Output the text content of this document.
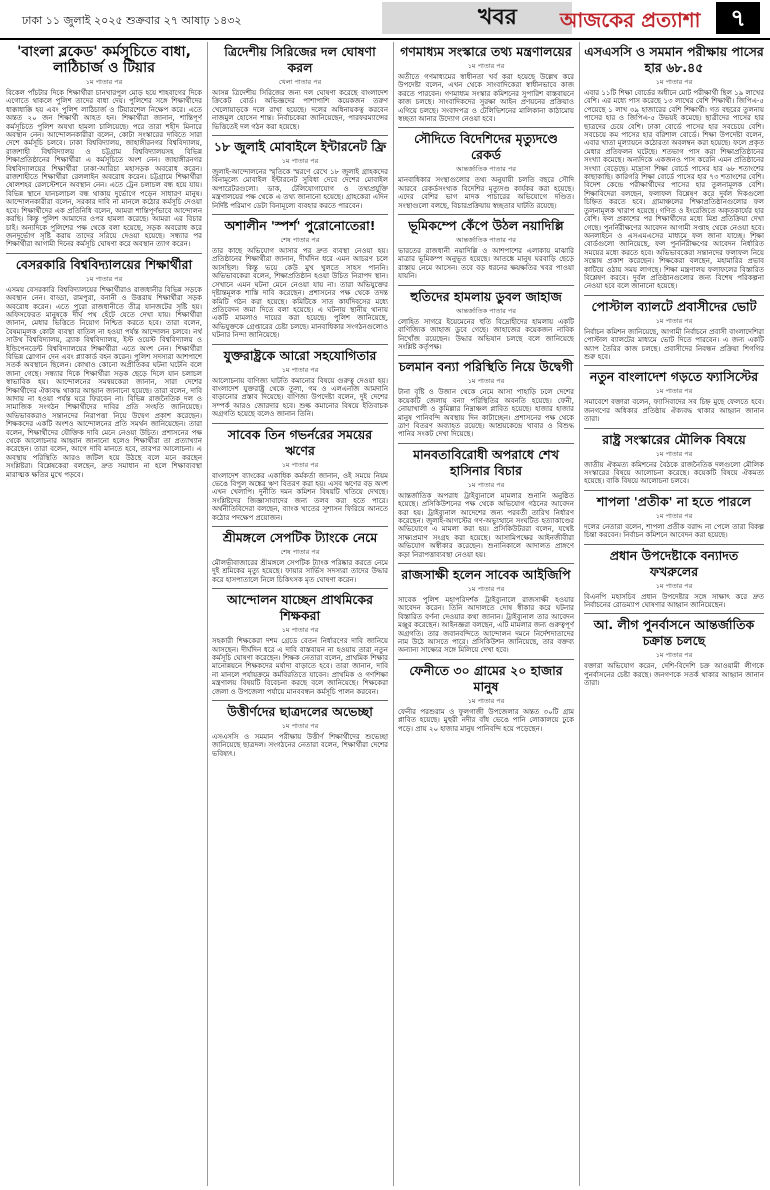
ঢাকা ১১ জুলাই ২০২৫ শুক্রবার ২৭ আষাঢ় ১৪৩২	খবর	আজকের প্রত্যাশা	৭
'বাংলা ব্লকেড' কর্মসূচিতে বাধা, লাঠিচার্জ ও টিয়ার
১ম পাতার পর

বিকেল পাঁচটার দিকে শিক্ষার্থীরা চানখারপুল মোড় হয়ে শাহবাগের দিকে এগোতে থাকলে পুলিশ তাদের বাধা দেয়। পুলিশের সঙ্গে শিক্ষার্থীদের ধাক্কাধাক্কি হয় এবং পুলিশ লাঠিচার্জ ও টিয়ারশেল নিক্ষেপ করে। এতে অন্তত ২০ জন শিক্ষার্থী আহত হন। শিক্ষার্থীরা জানান, শান্তিপূর্ণ কর্মসূচিতে পুলিশ অযথা হামলা চালিয়েছে। পরে তারা শহীদ মিনারে অবস্থান নেন। আন্দোলনকারীরা বলেন, কোটা সংস্কারের দাবিতে সারা দেশে কর্মসূচি চলবে। ঢাকা বিশ্ববিদ্যালয়, জাহাঙ্গীরনগর বিশ্ববিদ্যালয়, রাজশাহী বিশ্ববিদ্যালয় ও চট্টগ্রাম বিশ্ববিদ্যালয়সহ বিভিন্ন শিক্ষাপ্রতিষ্ঠানের শিক্ষার্থীরা এ কর্মসূচিতে অংশ নেন। জাহাঙ্গীরনগর বিশ্ববিদ্যালয়ের শিক্ষার্থীরা ঢাকা-আরিচা মহাসড়ক অবরোধ করেন। রাজশাহীতে শিক্ষার্থীরা রেললাইন অবরোধ করেন। চট্টগ্রামে শিক্ষার্থীরা ষোলশহর রেলস্টেশনে অবস্থান নেন। এতে ট্রেন চলাচল বন্ধ হয়ে যায়। বিভিন্ন স্থানে যানচলাচল বন্ধ থাকায় দুর্ভোগে পড়েন সাধারণ মানুষ। আন্দোলনকারীরা বলেন, সরকার দাবি না মানলে কঠোর কর্মসূচি দেওয়া হবে। শিক্ষার্থীদের এক প্রতিনিধি বলেন, আমরা শান্তিপূর্ণভাবে আন্দোলন করছি। কিন্তু পুলিশ আমাদের ওপর হামলা করেছে। আমরা এর বিচার চাই। অন্যদিকে পুলিশের পক্ষ থেকে বলা হয়েছে, সড়ক অবরোধ করে জনদুর্ভোগ সৃষ্টি করায় তাদের সরিয়ে দেওয়া হয়েছে। সন্ধ্যার পর শিক্ষার্থীরা আগামী দিনের কর্মসূচি ঘোষণা করে অবস্থান ত্যাগ করেন।

বেসরকারি বিশ্ববিদ্যালয়ের শিক্ষার্থীরা
১ম পাতার পর

এসময় বেসরকারি বিশ্ববিদ্যালয়ের শিক্ষার্থীরাও রাজধানীর বিভিন্ন সড়কে অবস্থান নেন। বাড্ডা, রামপুরা, বনানী ও উত্তরায় শিক্ষার্থীরা সড়ক অবরোধ করেন। এতে পুরো রাজধানীতে তীব্র যানজটের সৃষ্টি হয়। অফিসফেরত মানুষকে দীর্ঘ পথ হেঁটে যেতে দেখা যায়। শিক্ষার্থীরা জানান, মেধার ভিত্তিতে নিয়োগ নিশ্চিত করতে হবে। তারা বলেন, বৈষম্যমূলক কোটা ব্যবস্থা বাতিল না হওয়া পর্যন্ত আন্দোলন চলবে। নর্থ সাউথ বিশ্ববিদ্যালয়, ব্র্যাক বিশ্ববিদ্যালয়, ইস্ট ওয়েস্ট বিশ্ববিদ্যালয় ও ইন্ডিপেনডেন্ট বিশ্ববিদ্যালয়ের শিক্ষার্থীরা এতে অংশ নেন। শিক্ষার্থীরা বিভিন্ন স্লোগান দেন এবং প্ল্যাকার্ড বহন করেন। পুলিশ সদস্যরা আশপাশে সতর্ক অবস্থানে ছিলেন। কোথাও কোনো অপ্রীতিকর ঘটনা ঘটেনি বলে জানা গেছে। সন্ধ্যার দিকে শিক্ষার্থীরা সড়ক ছেড়ে দিলে যান চলাচল স্বাভাবিক হয়। আন্দোলনের সমন্বয়কেরা জানান, সারা দেশের শিক্ষার্থীদের ঐক্যবদ্ধ থাকার আহ্বান জানানো হয়েছে। তারা বলেন, দাবি আদায় না হওয়া পর্যন্ত ঘরে ফিরবেন না। বিভিন্ন রাজনৈতিক দল ও সামাজিক সংগঠন শিক্ষার্থীদের দাবির প্রতি সংহতি জানিয়েছে। অভিভাবকরাও সন্তানদের নিরাপত্তা নিয়ে উদ্বেগ প্রকাশ করেছেন। শিক্ষকদের একটি অংশও আন্দোলনের প্রতি সমর্থন জানিয়েছেন। তারা বলেন, শিক্ষার্থীদের যৌক্তিক দাবি মেনে নেওয়া উচিত। প্রশাসনের পক্ষ থেকে আলোচনার আহ্বান জানানো হলেও শিক্ষার্থীরা তা প্রত্যাখ্যান করেছেন। তারা বলেন, আগে দাবি মানতে হবে, তারপর আলোচনা। এ অবস্থায় পরিস্থিতি আরও জটিল হয়ে উঠছে বলে মনে করছেন সংশ্লিষ্টরা। বিশ্লেষকেরা বলছেন, দ্রুত সমাধান না হলে শিক্ষাব্যবস্থা মারাত্মক ক্ষতির মুখে পড়বে।

ত্রিদেশীয় সিরিজের দল ঘোষণা করল
খেলা পাতার পর

আসন্ন ত্রিদেশীয় সিরিজের জন্য দল ঘোষণা করেছে বাংলাদেশ ক্রিকেট বোর্ড। অভিজ্ঞদের পাশাপাশি কয়েকজন তরুণ খেলোয়াড়কে দলে রাখা হয়েছে। দলের অধিনায়কত্ব করবেন নাজমুল হোসেন শান্ত। নির্বাচকেরা জানিয়েছেন, পারফরম্যান্সের ভিত্তিতেই দল গঠন করা হয়েছে।

১৮ জুলাই মোবাইলে ইন্টারনেট ফ্রি
১ম পাতার পর

জুলাই-আন্দোলনের স্মৃতিকে স্মরণে রেখে ১৮ জুলাই গ্রাহকদের বিনামূল্যে মোবাইল ইন্টারনেট সুবিধা দেবে দেশের মোবাইল অপারেটরগুলো। ডাক, টেলিযোগাযোগ ও তথ্যপ্রযুক্তি মন্ত্রণালয়ের পক্ষ থেকে এ তথ্য জানানো হয়েছে। গ্রাহকেরা এদিন নির্দিষ্ট পরিমাণ ডেটা বিনামূল্যে ব্যবহার করতে পারবেন।

অশালীন 'স্পর্শ' পুরোনোতেরা!
শেষ পাতার পর

তার কাছে অভিযোগ আসার পর দ্রুত ব্যবস্থা নেওয়া হয়। প্রতিষ্ঠানের শিক্ষার্থীরা জানান, দীর্ঘদিন ধরে এমন আচরণ চলে আসছিল। কিন্তু ভয়ে কেউ মুখ খুলতে সাহস পাননি। অভিভাবকেরা বলেন, শিক্ষাপ্রতিষ্ঠান হওয়া উচিত নিরাপদ স্থান। সেখানে এমন ঘটনা মেনে নেওয়া যায় না। তারা অভিযুক্তের দৃষ্টান্তমূলক শাস্তি দাবি করেছেন। প্রশাসনের পক্ষ থেকে তদন্ত কমিটি গঠন করা হয়েছে। কমিটিকে সাত কার্যদিবসের মধ্যে প্রতিবেদন জমা দিতে বলা হয়েছে। এ ঘটনায় স্থানীয় থানায় একটি মামলাও দায়ের করা হয়েছে। পুলিশ জানিয়েছে, অভিযুক্তকে গ্রেপ্তারের চেষ্টা চলছে। মানবাধিকার সংগঠনগুলোও ঘটনার নিন্দা জানিয়েছে।

যুক্তরাষ্ট্রকে আরো সহযোগিতার
১ম পাতার পর

আলোচনায় বাণিজ্য ঘাটতি কমানোর বিষয়ে গুরুত্ব দেওয়া হয়। বাংলাদেশ যুক্তরাষ্ট্র থেকে তুলা, গম ও এলএনজি আমদানি বাড়ানোর প্রস্তাব দিয়েছে। বাণিজ্য উপদেষ্টা বলেন, দুই দেশের সম্পর্ক আরও জোরদার হবে। শুল্ক কমানোর বিষয়ে ইতিবাচক অগ্রগতি হয়েছে বলেও জানান তিনি।

সাবেক তিন গভর্নরের সময়ের ঋণের
১ম পাতার পর

বাংলাদেশ ব্যাংকের একাধিক কর্মকর্তা জানান, ওই সময়ে নিয়ম ভেঙে বিপুল অঙ্কের ঋণ বিতরণ করা হয়। এসব ঋণের বড় অংশ এখন খেলাপি। দুর্নীতি দমন কমিশন বিষয়টি খতিয়ে দেখছে। সংশ্লিষ্টদের জিজ্ঞাসাবাদের জন্য তলব করা হতে পারে। অর্থনীতিবিদেরা বলছেন, ব্যাংক খাতের সুশাসন ফিরিয়ে আনতে কঠোর পদক্ষেপ প্রয়োজন।

শ্রীমঙ্গলে সেপটিক ট্যাংকে নেমে
শেষ পাতার পর

মৌলভীবাজারের শ্রীমঙ্গলে সেপটিক ট্যাংক পরিষ্কার করতে নেমে দুই শ্রমিকের মৃত্যু হয়েছে। ফায়ার সার্ভিস সদস্যরা তাদের উদ্ধার করে হাসপাতালে নিলে চিকিৎসক মৃত ঘোষণা করেন।

আন্দোলন যাচ্ছেন প্রাথমিকের শিক্ষকরা
১ম পাতার পর

সহকারী শিক্ষকেরা দশম গ্রেডে বেতন নির্ধারণের দাবি জানিয়ে আসছেন। দীর্ঘদিন ধরে এ দাবি বাস্তবায়ন না হওয়ায় তারা নতুন কর্মসূচি ঘোষণা করেছেন। শিক্ষক নেতারা বলেন, প্রাথমিক শিক্ষার মানোন্নয়নে শিক্ষকদের মর্যাদা বাড়াতে হবে। তারা জানান, দাবি না মানলে পর্যায়ক্রমে কর্মবিরতিতে যাবেন। প্রাথমিক ও গণশিক্ষা মন্ত্রণালয় বিষয়টি বিবেচনা করছে বলে জানিয়েছে। শিক্ষকেরা জেলা ও উপজেলা পর্যায়ে মানববন্ধন কর্মসূচি পালন করবেন।

উত্তীর্ণদের ছাত্রদলের অভেচ্ছা
১ম পাতার পর

এসএসসি ও সমমান পরীক্ষায় উত্তীর্ণ শিক্ষার্থীদের শুভেচ্ছা জানিয়েছে ছাত্রদল। সংগঠনের নেতারা বলেন, শিক্ষার্থীরা দেশের ভবিষ্যৎ।

গণমাধ্যম সংস্কারে তথ্য মন্ত্রণালয়ের
১ম পাতার পর

অতীতে গণমাধ্যমের স্বাধীনতা খর্ব করা হয়েছে উল্লেখ করে উপদেষ্টা বলেন, এখন থেকে সাংবাদিকেরা স্বাধীনভাবে কাজ করতে পারবেন। গণমাধ্যম সংস্কার কমিশনের সুপারিশ বাস্তবায়নে কাজ চলছে। সাংবাদিকদের সুরক্ষা আইন প্রণয়নের প্রক্রিয়াও এগিয়ে চলছে। সংবাদপত্র ও টেলিভিশনের মালিকানা কাঠামোয় স্বচ্ছতা আনার উদ্যোগ নেওয়া হবে।

সৌদিতে বিদেশিদের মৃত্যুদণ্ডে রেকর্ড
আন্তর্জাতিক পাতার পর

মানবাধিকার সংস্থাগুলোর তথ্য অনুযায়ী চলতি বছরে সৌদি আরবে রেকর্ডসংখ্যক বিদেশির মৃত্যুদণ্ড কার্যকর করা হয়েছে। এদের বেশির ভাগ মাদক পাচারের অভিযোগে দণ্ডিত। সংস্থাগুলো বলছে, বিচারপ্রক্রিয়ায় স্বচ্ছতার ঘাটতি রয়েছে।

ভূমিকম্পে কেঁপে উঠল নয়াদিল্লি
আন্তর্জাতিক পাতার পর

ভারতের রাজধানী নয়াদিল্লি ও আশপাশের এলাকায় মাঝারি মাত্রার ভূমিকম্প অনুভূত হয়েছে। আতঙ্কে মানুষ ঘরবাড়ি ছেড়ে রাস্তায় নেমে আসেন। তবে বড় ধরনের ক্ষয়ক্ষতির খবর পাওয়া যায়নি।

হুতিদের হামলায় ডুবল জাহাজ
আন্তর্জাতিক পাতার পর

লোহিত সাগরে ইয়েমেনের হুতি বিদ্রোহীদের হামলায় একটি বাণিজ্যিক জাহাজ ডুবে গেছে। জাহাজের কয়েকজন নাবিক নিখোঁজ রয়েছেন। উদ্ধার অভিযান চলছে বলে জানিয়েছে সংশ্লিষ্ট কর্তৃপক্ষ।

চলমান বন্যা পরিস্থিতি নিয়ে উদ্বেগী
১ম পাতার পর

টানা বৃষ্টি ও উজান থেকে নেমে আসা পাহাড়ি ঢলে দেশের কয়েকটি জেলায় বন্যা পরিস্থিতির অবনতি হয়েছে। ফেনী, নোয়াখালী ও কুমিল্লার নিম্নাঞ্চল প্লাবিত হয়েছে। হাজার হাজার মানুষ পানিবন্দি অবস্থায় দিন কাটাচ্ছেন। প্রশাসনের পক্ষ থেকে ত্রাণ বিতরণ অব্যাহত রয়েছে। আশ্রয়কেন্দ্রে খাবার ও বিশুদ্ধ পানির সংকট দেখা দিয়েছে।

মানবতাবিরোধী অপরাধে শেখ হাসিনার বিচার
১ম পাতার পর

আন্তর্জাতিক অপরাধ ট্রাইব্যুনালে মামলার শুনানি অনুষ্ঠিত হয়েছে। প্রসিকিউশনের পক্ষ থেকে অভিযোগ গঠনের আবেদন করা হয়। ট্রাইব্যুনাল আদেশের জন্য পরবর্তী তারিখ নির্ধারণ করেছেন। জুলাই-আগস্টের গণ-অভ্যুত্থানে সংঘটিত হত্যাকাণ্ডের অভিযোগে এ মামলা করা হয়। প্রসিকিউটররা বলেন, যথেষ্ট সাক্ষ্যপ্রমাণ সংগ্রহ করা হয়েছে। আসামিপক্ষের আইনজীবীরা অভিযোগ অস্বীকার করেছেন। শুনানিকালে আদালত প্রাঙ্গণে কড়া নিরাপত্তাব্যবস্থা নেওয়া হয়।

রাজসাক্ষী হলেন সাবেক আইজিপি
১ম পাতার পর

সাবেক পুলিশ মহাপরিদর্শক ট্রাইব্যুনালে রাজসাক্ষী হওয়ার আবেদন করেন। তিনি আদালতে দোষ স্বীকার করে ঘটনার বিস্তারিত বর্ণনা দেওয়ার কথা জানান। ট্রাইব্যুনাল তার আবেদন মঞ্জুর করেছেন। আইনজ্ঞরা বলছেন, এটি মামলার জন্য গুরুত্বপূর্ণ অগ্রগতি। তার জবানবন্দিতে আন্দোলন দমনে নির্দেশদাতাদের নাম উঠে আসতে পারে। প্রসিকিউশন জানিয়েছে, তার বক্তব্য অন্যান্য সাক্ষ্যের সঙ্গে মিলিয়ে দেখা হবে।

ফেনীতে ৩০ গ্রামের ২০ হাজার মানুষ
১ম পাতার পর

ফেনীর পরশুরাম ও ফুলগাজী উপজেলার অন্তত ৩০টি গ্রাম প্লাবিত হয়েছে। মুহুরী নদীর বাঁধ ভেঙে পানি লোকালয়ে ঢুকে পড়ে। প্রায় ২০ হাজার মানুষ পানিবন্দি হয়ে পড়েছেন।

এসএসসি ও সমমান পরীক্ষায় পাসের হার ৬৮.৪৫
১ম পাতার পর

এবার ১১টি শিক্ষা বোর্ডের অধীনে মোট পরীক্ষার্থী ছিল ১৯ লাখের বেশি। এর মধ্যে পাস করেছে ১৩ লাখের বেশি শিক্ষার্থী। জিপিএ-৫ পেয়েছে ১ লাখ ৩৯ হাজারের বেশি শিক্ষার্থী। গত বছরের তুলনায় পাসের হার ও জিপিএ-৫ উভয়ই কমেছে। ছাত্রীদের পাসের হার ছাত্রদের চেয়ে বেশি। ঢাকা বোর্ডে পাসের হার সবচেয়ে বেশি। সবচেয়ে কম পাসের হার বরিশাল বোর্ডে। শিক্ষা উপদেষ্টা বলেন, এবার খাতা মূল্যায়নে কঠোরতা অবলম্বন করা হয়েছে। ফলে প্রকৃত মেধার প্রতিফলন ঘটেছে। শতভাগ পাস করা শিক্ষাপ্রতিষ্ঠানের সংখ্যা কমেছে। অন্যদিকে একজনও পাস করেনি এমন প্রতিষ্ঠানের সংখ্যা বেড়েছে। মাদ্রাসা শিক্ষা বোর্ডে পাসের হার ৬৮ শতাংশের কাছাকাছি। কারিগরি শিক্ষা বোর্ডে পাসের হার ৭৩ শতাংশের বেশি। বিদেশ কেন্দ্রে পরীক্ষার্থীদের পাসের হার তুলনামূলক বেশি। শিক্ষাবিদেরা বলছেন, ফলাফল বিশ্লেষণ করে দুর্বল দিকগুলো চিহ্নিত করতে হবে। গ্রামাঞ্চলের শিক্ষাপ্রতিষ্ঠানগুলোর ফল তুলনামূলক খারাপ হয়েছে। গণিত ও ইংরেজিতে অকৃতকার্যের হার বেশি। ফল প্রকাশের পর শিক্ষার্থীদের মধ্যে মিশ্র প্রতিক্রিয়া দেখা গেছে। পুনর্নিরীক্ষণের আবেদন আগামী সপ্তাহ থেকে নেওয়া হবে। অনলাইনে ও এসএমএসের মাধ্যমে ফল জানা যাচ্ছে। শিক্ষা বোর্ডগুলো জানিয়েছে, ফল পুনর্নিরীক্ষণের আবেদন নির্ধারিত সময়ের মধ্যে করতে হবে। অভিভাবকেরা সন্তানদের ফলাফল নিয়ে সন্তোষ প্রকাশ করেছেন। শিক্ষকেরা বলছেন, মহামারির প্রভাব কাটিয়ে ওঠায় সময় লাগছে। শিক্ষা মন্ত্রণালয় ফলাফলের বিস্তারিত বিশ্লেষণ করবে। দুর্বল প্রতিষ্ঠানগুলোর জন্য বিশেষ পরিকল্পনা নেওয়া হবে বলে জানানো হয়েছে।

পোস্টাল ব্যালটে প্রবাসীদের ভোট
১ম পাতার পর

নির্বাচন কমিশন জানিয়েছে, আগামী নির্বাচনে প্রবাসী বাংলাদেশিরা পোস্টাল ব্যালটের মাধ্যমে ভোট দিতে পারবেন। এ জন্য একটি অ্যাপ তৈরির কাজ চলছে। প্রবাসীদের নিবন্ধন প্রক্রিয়া শিগগির শুরু হবে।

নতুন বাংলাদেশ গড়তে ফ্যাসিস্টের
১ম পাতার পর

সমাবেশে বক্তারা বলেন, ফ্যাসিবাদের সব চিহ্ন মুছে ফেলতে হবে। জনগণের অধিকার প্রতিষ্ঠায় ঐক্যবদ্ধ থাকার আহ্বান জানান তারা।

রাষ্ট্র সংস্কারের মৌলিক বিষয়ে
১ম পাতার পর

জাতীয় ঐকমত্য কমিশনের বৈঠকে রাজনৈতিক দলগুলো মৌলিক সংস্কারের বিষয়ে আলোচনা করেছে। কয়েকটি বিষয়ে ঐকমত্য হয়েছে। বাকি বিষয়ে আলোচনা চলবে।

শাপলা 'প্রতীক' না হতে পারলে
১ম পাতার পর

দলের নেতারা বলেন, শাপলা প্রতীক বরাদ্দ না পেলে তারা বিকল্প চিন্তা করবেন। নির্বাচন কমিশনে আবেদন করা হয়েছে।

প্রধান উপদেষ্টাকে বন্যাদত ফখরুলের
১ম পাতার পর

বিএনপি মহাসচিব প্রধান উপদেষ্টার সঙ্গে সাক্ষাৎ করে দ্রুত নির্বাচনের রোডম্যাপ ঘোষণার আহ্বান জানিয়েছেন।

আ. লীগ পুনর্বাসনে আন্তর্জাতিক চক্রান্ত চলছে
১ম পাতার পর

বক্তারা অভিযোগ করেন, দেশি-বিদেশি চক্র আওয়ামী লীগকে পুনর্বাসনের চেষ্টা করছে। জনগণকে সতর্ক থাকার আহ্বান জানান তারা।
